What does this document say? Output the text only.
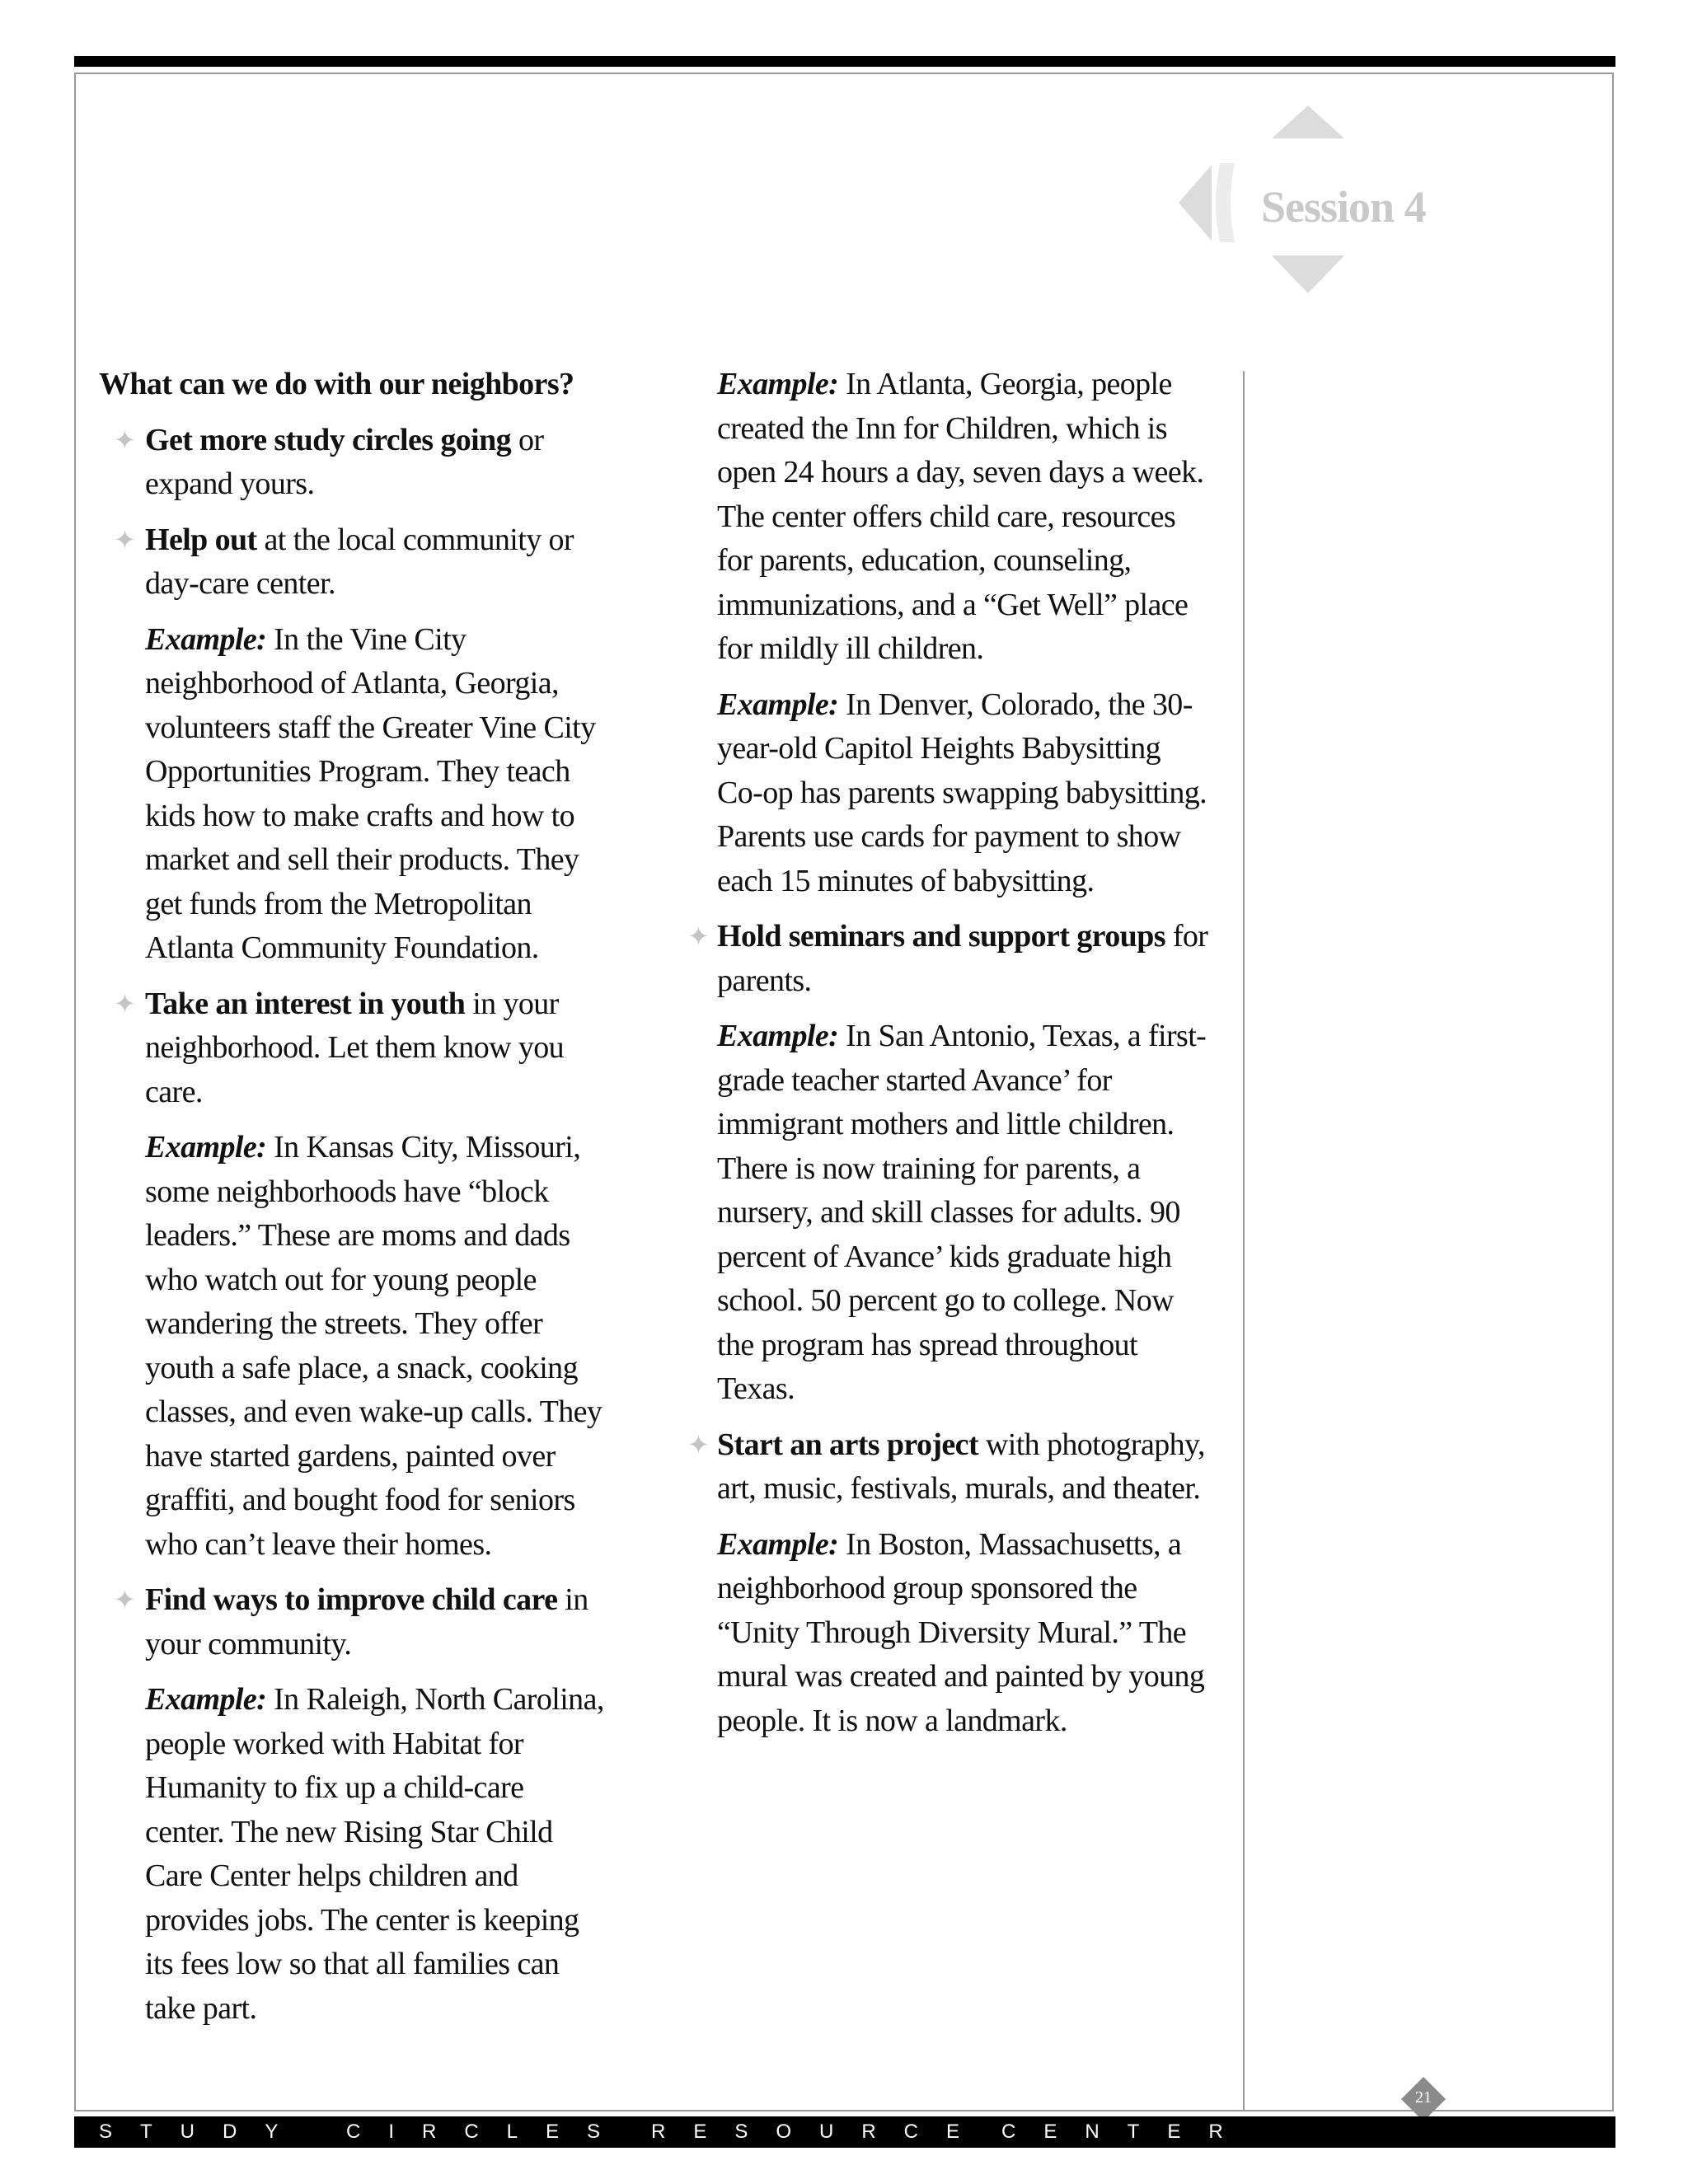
Session 4
What can we do with our neighbors?
✦ Get more study circles going or expand yours.
✦ Help out at the local community or day-care center.
Example: In the Vine City neighborhood of Atlanta, Georgia, volunteers staff the Greater Vine City Opportunities Program. They teach kids how to make crafts and how to market and sell their products. They get funds from the Metropolitan Atlanta Community Foundation.
✦ Take an interest in youth in your neighborhood. Let them know you care.
Example: In Kansas City, Missouri, some neighborhoods have “block leaders.” These are moms and dads who watch out for young people wandering the streets. They offer youth a safe place, a snack, cooking classes, and even wake-up calls. They have started gardens, painted over graffiti, and bought food for seniors who can’t leave their homes.
✦ Find ways to improve child care in your community.
Example: In Raleigh, North Carolina, people worked with Habitat for Humanity to fix up a child-care center. The new Rising Star Child Care Center helps children and provides jobs. The center is keeping its fees low so that all families can take part.
Example: In Atlanta, Georgia, people created the Inn for Children, which is open 24 hours a day, seven days a week. The center offers child care, resources for parents, education, counseling, immunizations, and a “Get Well” place for mildly ill children.
Example: In Denver, Colorado, the 30-year-old Capitol Heights Babysitting Co-op has parents swapping babysitting. Parents use cards for payment to show each 15 minutes of babysitting.
✦ Hold seminars and support groups for parents.
Example: In San Antonio, Texas, a first-grade teacher started Avance’ for immigrant mothers and little children. There is now training for parents, a nursery, and skill classes for adults. 90 percent of Avance’ kids graduate high school. 50 percent go to college. Now the program has spread throughout Texas.
✦ Start an arts project with photography, art, music, festivals, murals, and theater.
Example: In Boston, Massachusetts, a neighborhood group sponsored the “Unity Through Diversity Mural.” The mural was created and painted by young people. It is now a landmark.
21
STUDY CIRCLES RESOURCE CENTER
